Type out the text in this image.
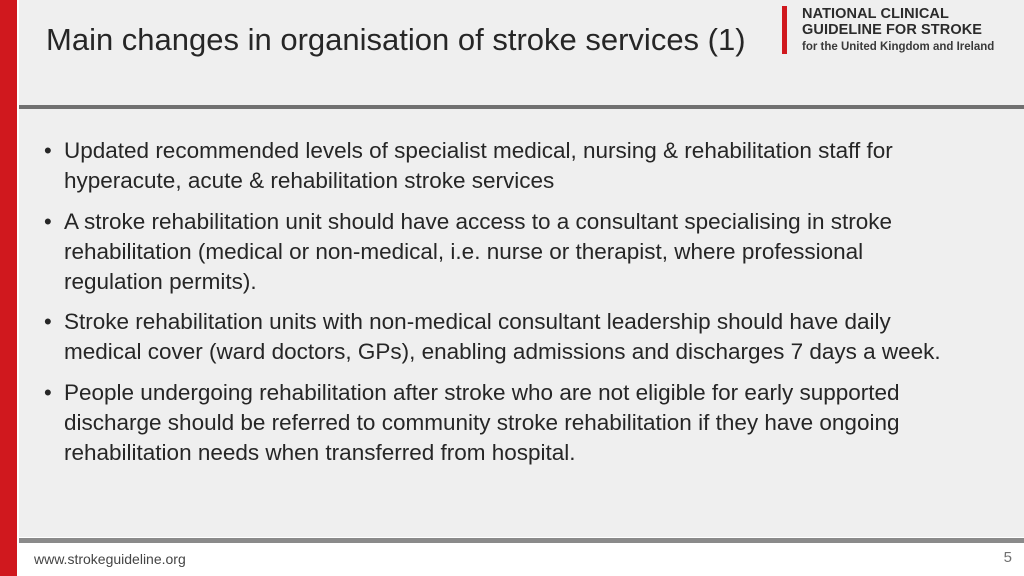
Main changes in organisation of stroke services (1)
NATIONAL CLINICAL
GUIDELINE FOR STROKE
for the United Kingdom and Ireland
• Updated recommended levels of specialist medical, nursing & rehabilitation staff for hyperacute, acute & rehabilitation stroke services
• A stroke rehabilitation unit should have access to a consultant specialising in stroke rehabilitation (medical or non-medical, i.e. nurse or therapist, where professional regulation permits).
• Stroke rehabilitation units with non-medical consultant leadership should have daily medical cover (ward doctors, GPs), enabling admissions and discharges 7 days a week.
• People undergoing rehabilitation after stroke who are not eligible for early supported discharge should be referred to community stroke rehabilitation if they have ongoing rehabilitation needs when transferred from hospital.
www.strokeguideline.org	5
